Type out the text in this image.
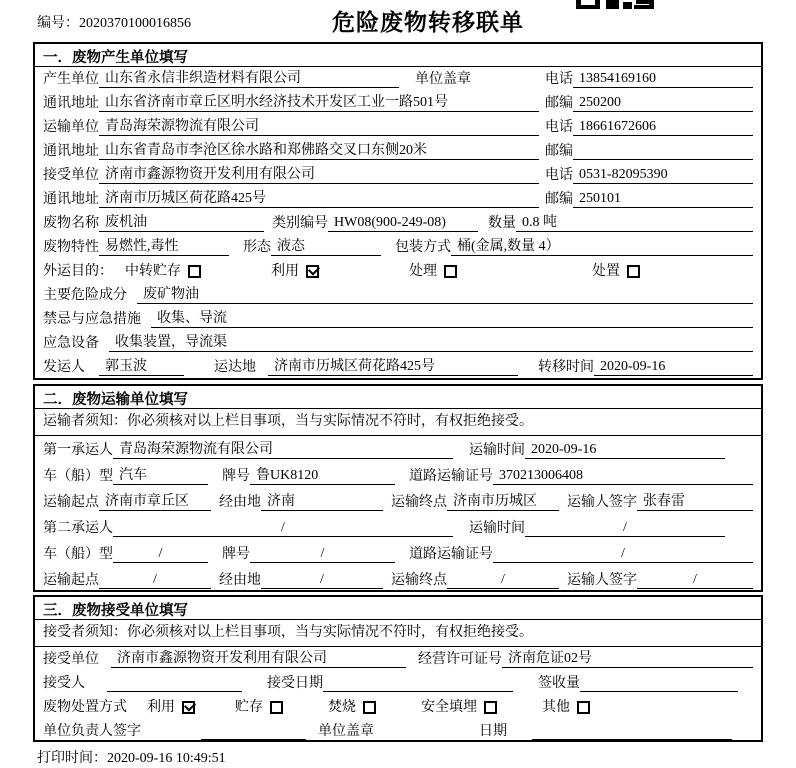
编号：2020370100016856	危险废物转移联单
一．废物产生单位填写
产生单位 山东省永信非织造材料有限公司	单位盖章	电话 13854169160
通讯地址 山东省济南市章丘区明水经济技术开发区工业一路501号	邮编 250200
运输单位 青岛海荣源物流有限公司	电话 18661672606
通讯地址 山东省青岛市李沧区徐水路和郑佛路交叉口东侧20米	邮编
接受单位 济南市鑫源物资开发利用有限公司	电话 0531-82095390
通讯地址 济南市历城区荷花路425号	邮编 250101
废物名称 废机油	类别编号 HW08(900-249-08)	数量 0.8 吨
废物特性 易燃性,毒性	形态 液态	包装方式 桶(金属,数量 4）
外运目的： 中转贮存	利用	处理	处置
主要危险成分	废矿物油
禁忌与应急措施	收集、导流
应急设备	收集装置，导流渠
发运人	郭玉波	运达地	济南市历城区荷花路425号	转移时间 2020-09-16
二．废物运输单位填写
运输者须知：你必须核对以上栏目事项，当与实际情况不符时，有权拒绝接受。
第一承运人 青岛海荣源物流有限公司	运输时间 2020-09-16
车（船）型 汽车	牌号 鲁UK8120	道路运输证号 370213006408
运输起点 济南市章丘区	经由地 济南	运输终点 济南市历城区	运输人签字 张春雷
第二承运人	/	运输时间	/
车（船）型	/	牌号	/	道路运输证号	/
运输起点	/	经由地	/	运输终点	/	运输人签字	/
三．废物接受单位填写
接受者须知：你必须核对以上栏目事项，当与实际情况不符时，有权拒绝接受。
接受单位	济南市鑫源物资开发利用有限公司	经营许可证号 济南危证02号
接受人	接受日期	签收量
废物处置方式 利用	贮存	焚烧	安全填埋	其他
单位负责人签字	单位盖章	日期
打印时间：2020-09-16 10:49:51
